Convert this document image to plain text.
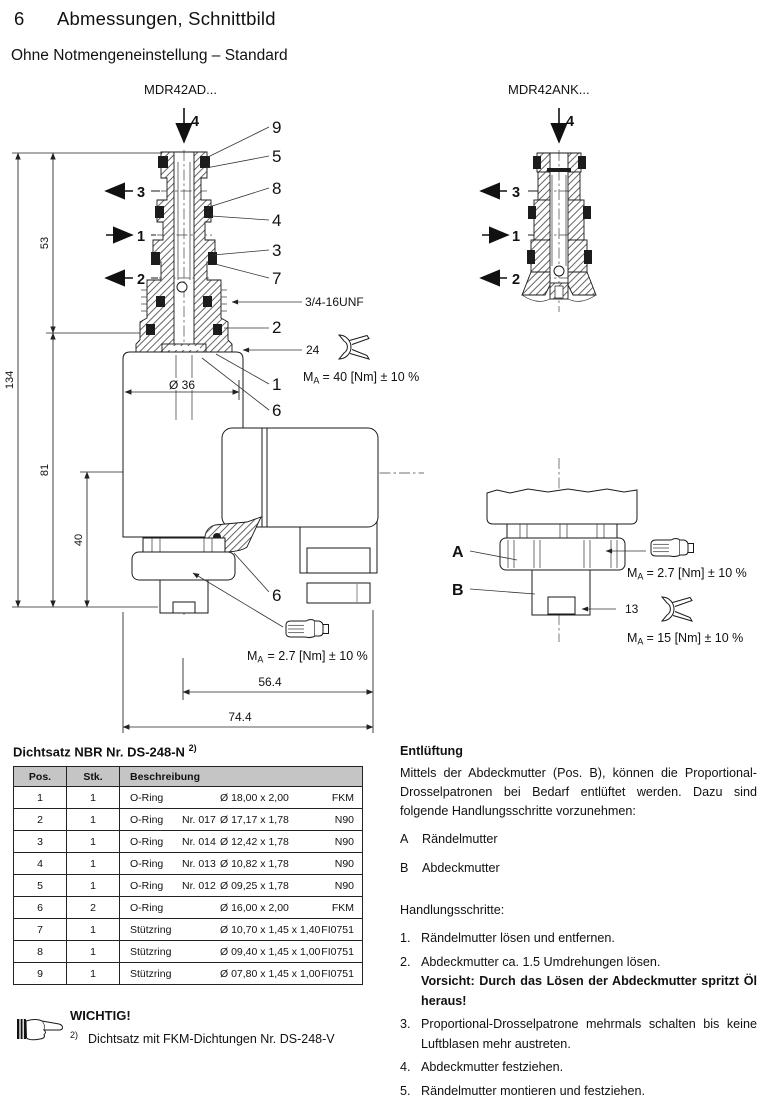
6 Abmessungen, Schnittbild
Ohne Notmengeneinstellung – Standard
MDR42AD...	MDR42ANK...
4
3
1
2
134
53
81
40
Ø 36
56.4
74.4
9
5
8
4
3
7
3/4-16UNF
2
24
1
6
6
$M_A = 40$ [Nm] ± 10 %
$M_A = 2.7$ [Nm] ± 10 %
4
3
1
2
A
B
$M_A = 2.7$ [Nm] ± 10 %
13
$M_A = 15$ [Nm] ± 10 %
Dichtsatz NBR Nr. DS-248-N $^{2)}$
Pos.	Stk.	Beschreibung
1	1	O-Ring Ø 18,00 x 2,00 FKM

2	1	O-Ring Nr. 017 Ø 17,17 x 1,78 N90

3	1	O-Ring Nr. 014 Ø 12,42 x 1,78 N90

4	1	O-Ring Nr. 013 Ø 10,82 x 1,78 N90

5	1	O-Ring Nr. 012 Ø 09,25 x 1,78 N90

6	2	O-Ring Ø 16,00 x 2,00 FKM

7	1	Stützring Ø 10,70 x 1,45 x 1,40 FI0751

8	1	Stützring Ø 09,40 x 1,45 x 1,00 FI0751

9	1	Stützring Ø 07,80 x 1,45 x 1,00 FI0751
WICHTIG!
$^{2)}$ Dichtsatz mit FKM-Dichtungen Nr. DS-248-V
Entlüftung
Mittels der Abdeckmutter (Pos. B), können die Proportional-Drosselpatronen bei Bedarf entlüftet werden. Dazu sind folgende Handlungsschritte vorzunehmen:
A	Rändelmutter
B	Abdeckmutter
Handlungsschritte:
1. Rändelmutter lösen und entfernen.
2. Abdeckmutter ca. 1.5 Umdrehungen lösen.
Vorsicht: Durch das Lösen der Abdeckmutter spritzt Öl heraus!
3. Proportional-Drosselpatrone mehrmals schalten bis keine Luftblasen mehr austreten.
4. Abdeckmutter festziehen.
5. Rändelmutter montieren und festziehen.
